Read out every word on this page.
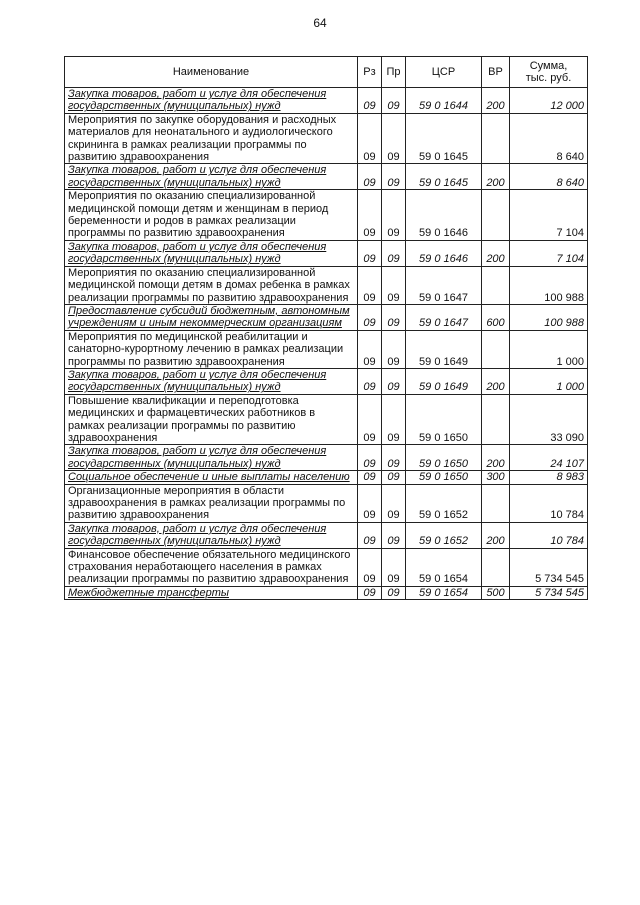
64
Наименование	Рз	Пр	ЦСР	ВР	Сумма,
тыс. руб.

Закупка товаров, работ и услуг для обеспечения государственных (муниципальных) нужд	09	09	59 0 1644	200	12 000
Мероприятия по закупке оборудования и расходных материалов для неонатального и аудиологического скрининга в рамках реализации программы по развитию здравоохранения	09	09	59 0 1645		8 640
Закупка товаров, работ и услуг для обеспечения государственных (муниципальных) нужд	09	09	59 0 1645	200	8 640
Мероприятия по оказанию специализированной медицинской помощи детям и женщинам в период беременности и родов в рамках реализации программы по развитию здравоохранения	09	09	59 0 1646		7 104
Закупка товаров, работ и услуг для обеспечения государственных (муниципальных) нужд	09	09	59 0 1646	200	7 104
Мероприятия по оказанию специализированной медицинской помощи детям в домах ребенка в рамках реализации программы по развитию здравоохранения	09	09	59 0 1647		100 988
Предоставление субсидий бюджетным, автономным учреждениям и иным некоммерческим организациям	09	09	59 0 1647	600	100 988
Мероприятия по медицинской реабилитации и санаторно-курортному лечению в рамках реализации программы по развитию здравоохранения	09	09	59 0 1649		1 000
Закупка товаров, работ и услуг для обеспечения государственных (муниципальных) нужд	09	09	59 0 1649	200	1 000
Повышение квалификации и переподготовка медицинских и фармацевтических работников в рамках реализации программы по развитию здравоохранения	09	09	59 0 1650		33 090
Закупка товаров, работ и услуг для обеспечения государственных (муниципальных) нужд	09	09	59 0 1650	200	24 107
Социальное обеспечение и иные выплаты населению	09	09	59 0 1650	300	8 983
Организационные мероприятия в области здравоохранения в рамках реализации программы по развитию здравоохранения	09	09	59 0 1652		10 784
Закупка товаров, работ и услуг для обеспечения государственных (муниципальных) нужд	09	09	59 0 1652	200	10 784
Финансовое обеспечение обязательного медицинского страхования неработающего населения в рамках реализации программы по развитию здравоохранения	09	09	59 0 1654		5 734 545
Межбюджетные трансферты	09	09	59 0 1654	500	5 734 545
